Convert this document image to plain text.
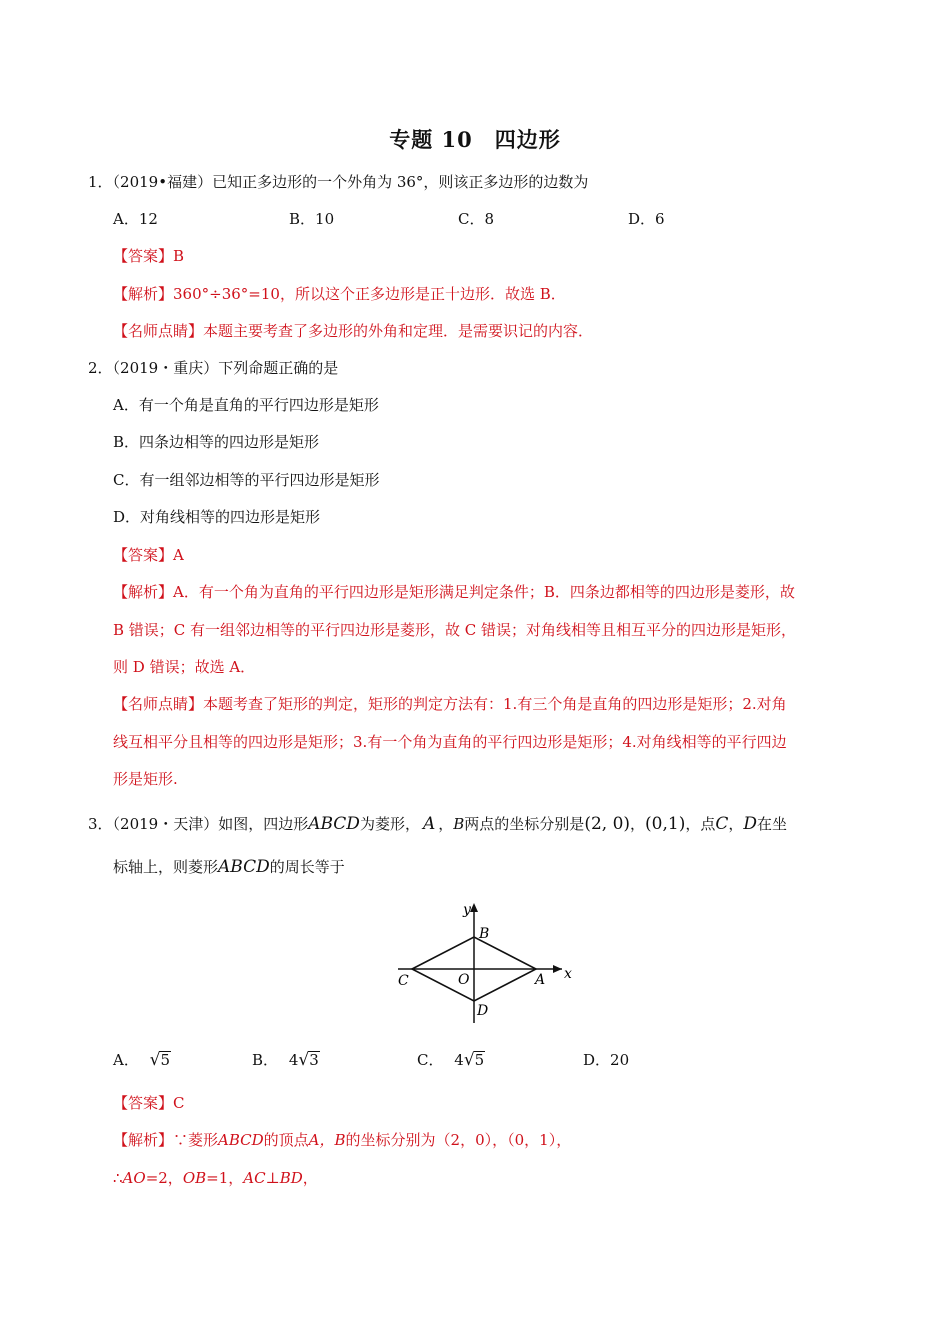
专题 10　四边形
1．（2019•福建）已知正多边形的一个外角为 36°，则该正多边形的边数为
A．12	B．10	C．8	D．6
【答案】B
【解析】360°÷36°=10，所以这个正多边形是正十边形．故选 B．
【名师点睛】本题主要考查了多边形的外角和定理．是需要识记的内容．
2．（2019・重庆）下列命题正确的是
A．有一个角是直角的平行四边形是矩形
B．四条边相等的四边形是矩形
C．有一组邻边相等的平行四边形是矩形
D．对角线相等的四边形是矩形
【答案】A
【解析】A．有一个角为直角的平行四边形是矩形满足判定条件；B．四条边都相等的四边形是菱形，故
B 错误；C 有一组邻边相等的平行四边形是菱形，故 C 错误；对角线相等且相互平分的四边形是矩形，
则 D 错误；故选 A．
【名师点睛】本题考查了矩形的判定，矩形的判定方法有：1.有三个角是直角的四边形是矩形；2.对角
线互相平分且相等的四边形是矩形；3.有一个角为直角的平行四边形是矩形；4.对角线相等的平行四边
形是矩形.
3．（2019・天津）如图，四边形ABCD为菱形， A ，B两点的坐标分别是(2, 0)，(0,1)，点C，D在坐
标轴上，则菱形ABCD的周长等于
x
y
B
O
C	A
D
A． √5	B． 4√3	C． 4√5	D．20
【答案】C
【解析】∵菱形ABCD的顶点A，B的坐标分别为（2，0），（0，1），
∴AO=2，OB=1，AC⊥BD，
